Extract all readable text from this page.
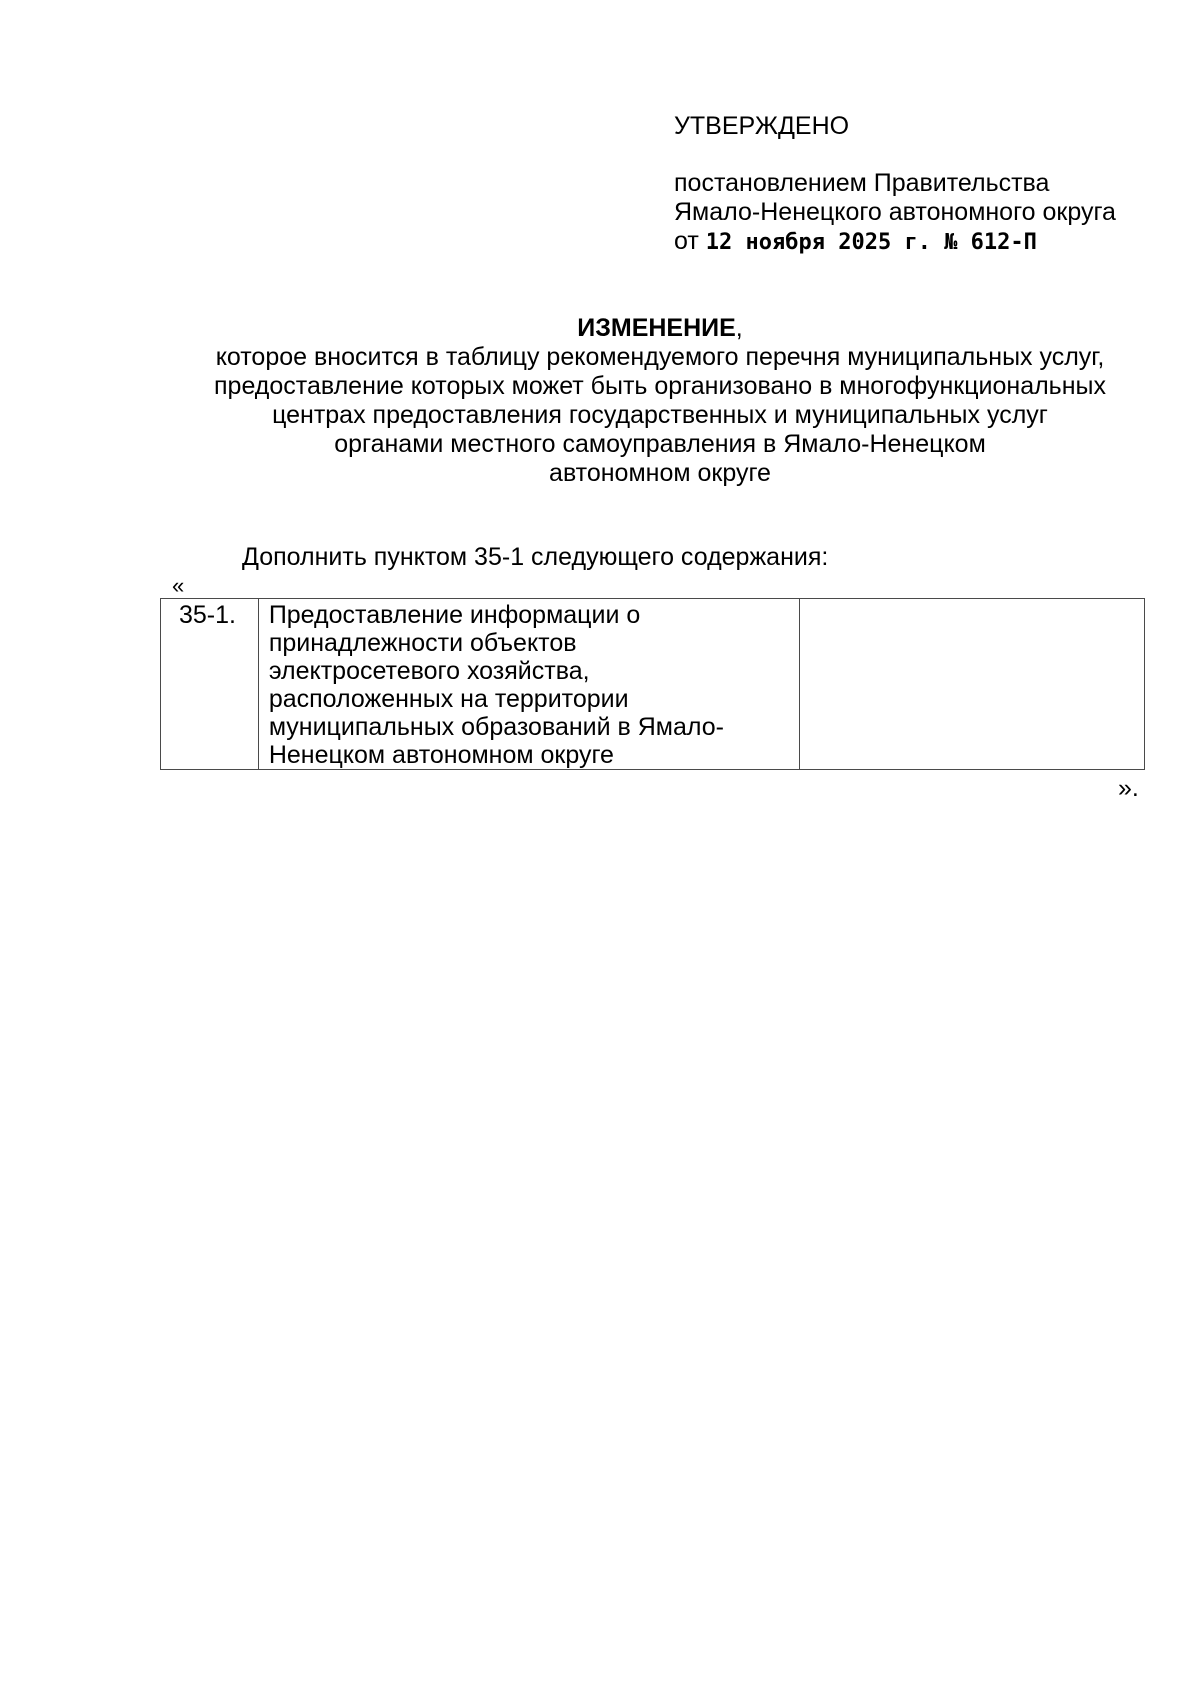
УТВЕРЖДЕНО
постановлением Правительства
Ямало-Ненецкого автономного округа
от 12 ноября 2025 г. № 612-П
ИЗМЕНЕНИЕ,
которое вносится в таблицу рекомендуемого перечня муниципальных услуг,
предоставление которых может быть организовано в многофункциональных
центрах предоставления государственных и муниципальных услуг
органами местного самоуправления в Ямало-Ненецком
автономном округе
Дополнить пунктом 35-1 следующего содержания:
«
35-1.	Предоставление информации о
принадлежности объектов
электросетевого хозяйства,
расположенных на территории
муниципальных образований в Ямало-
Ненецком автономном округе

».
